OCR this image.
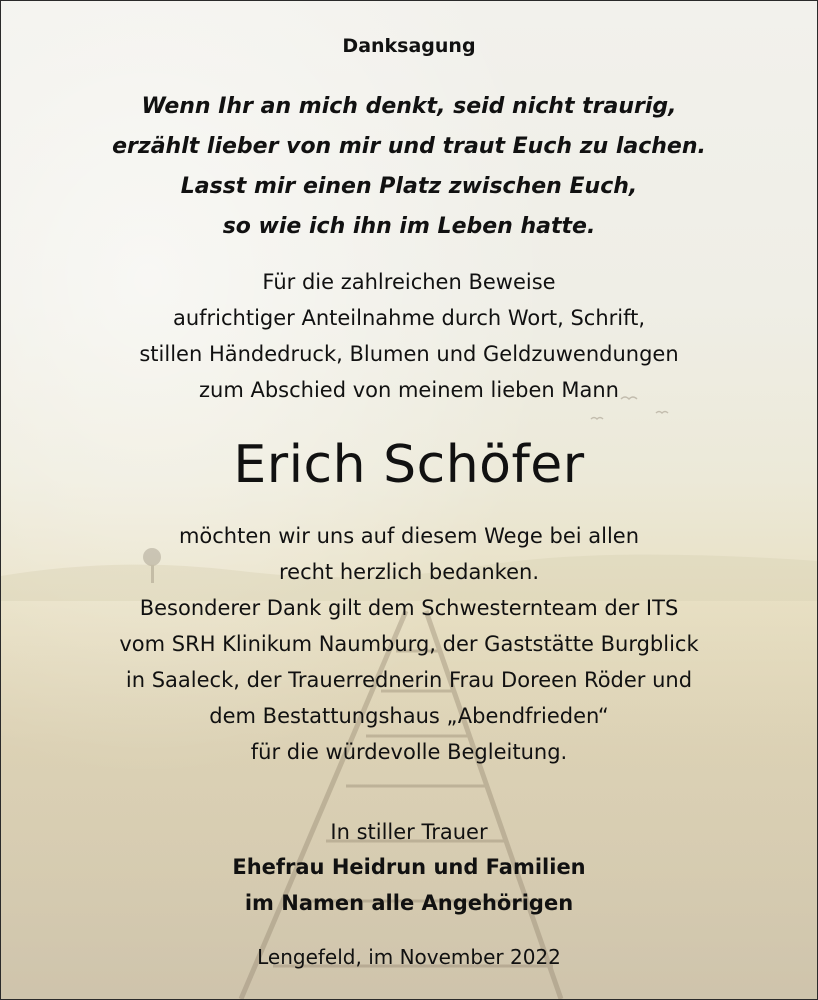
Danksagung
Wenn Ihr an mich denkt, seid nicht traurig,
erzählt lieber von mir und traut Euch zu lachen.
Lasst mir einen Platz zwischen Euch,
so wie ich ihn im Leben hatte.
Für die zahlreichen Beweise
aufrichtiger Anteilnahme durch Wort, Schrift,
stillen Händedruck, Blumen und Geldzuwendungen
zum Abschied von meinem lieben Mann
Erich Schöfer
möchten wir uns auf diesem Wege bei allen
recht herzlich bedanken.
Besonderer Dank gilt dem Schwesternteam der ITS
vom SRH Klinikum Naumburg, der Gaststätte Burgblick
in Saaleck, der Trauerrednerin Frau Doreen Röder und
dem Bestattungshaus „Abendfrieden“
für die würdevolle Begleitung.
In stiller Trauer
Ehefrau Heidrun und Familien
im Namen alle Angehörigen
Lengefeld, im November 2022
